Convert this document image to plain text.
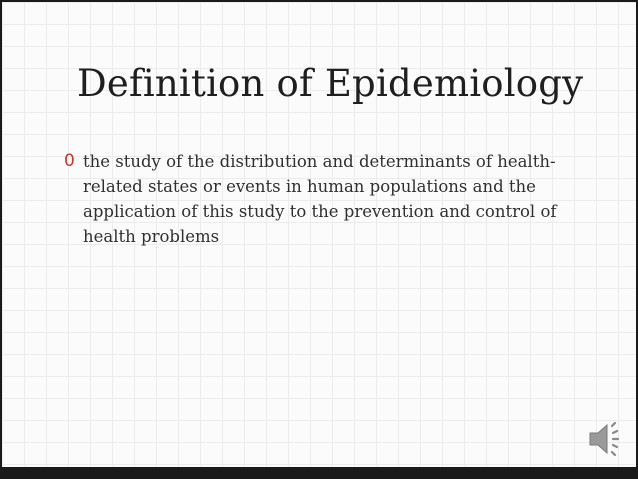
Definition of Epidemiology
0 the study of the distribution and determinants of health-related states or events in human populations and the application of this study to the prevention and control of health problems
